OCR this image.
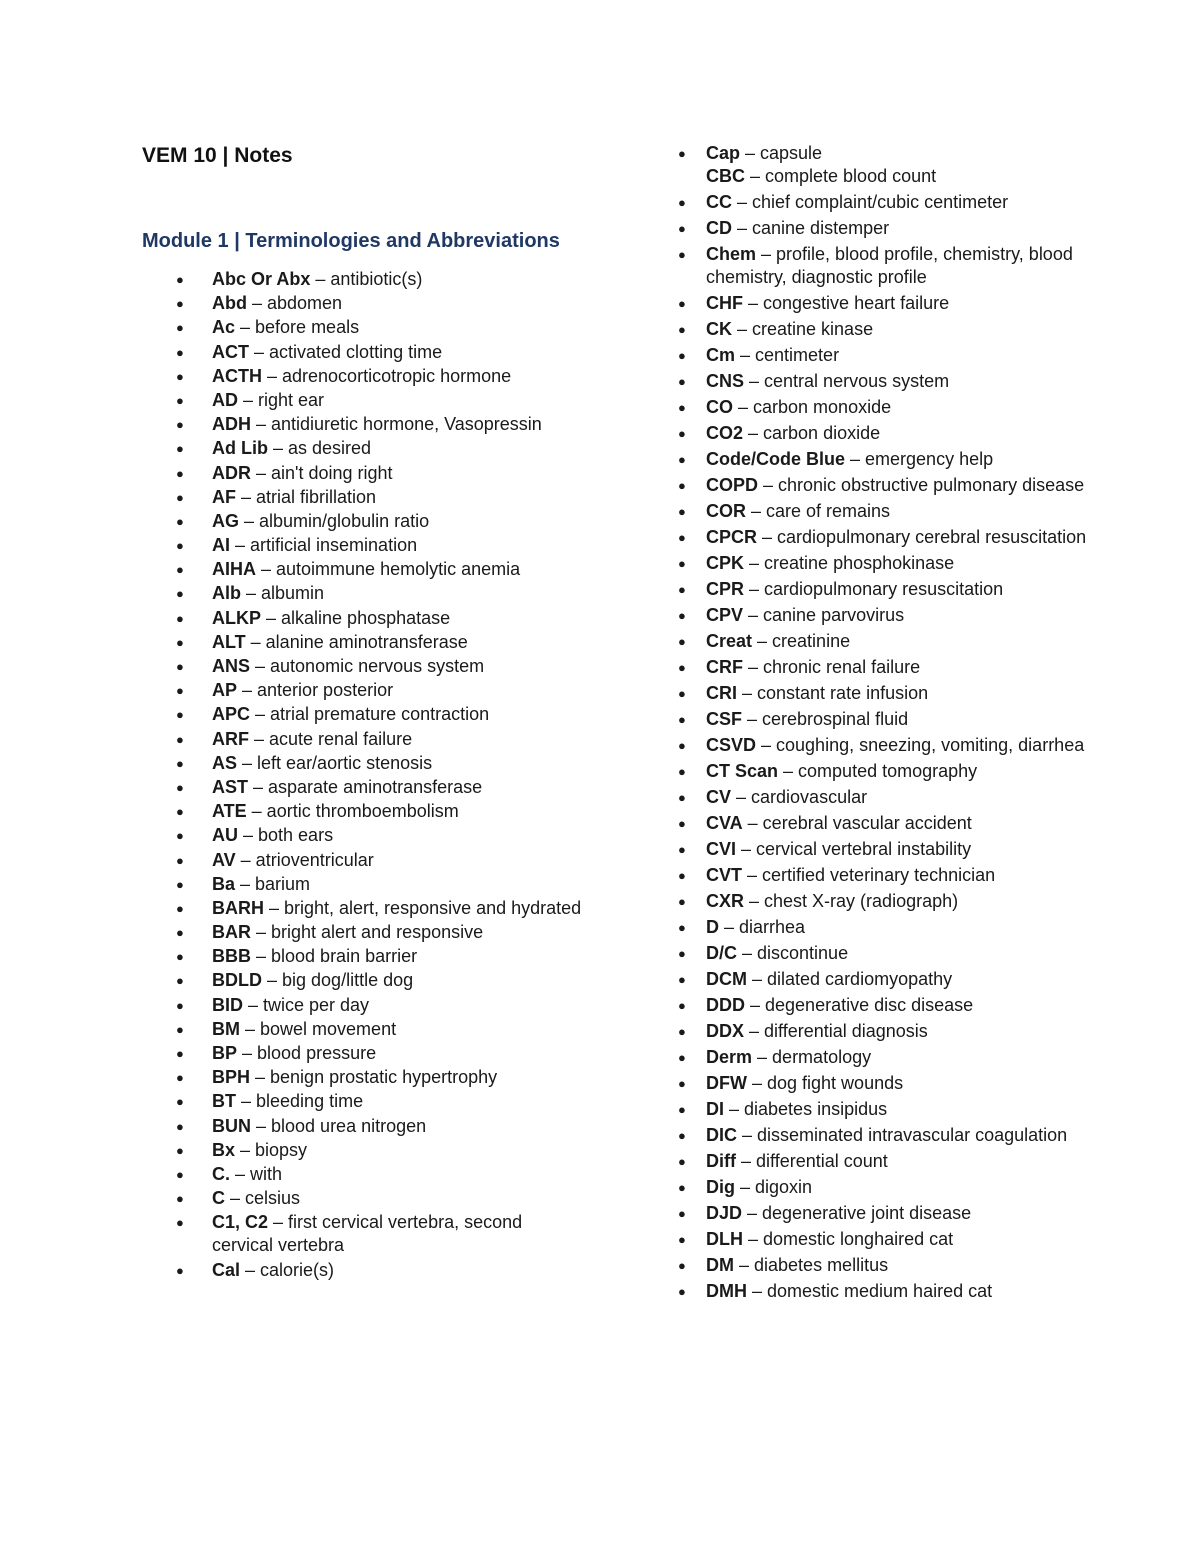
VEM 10 | Notes
Module 1 | Terminologies and Abbreviations
● Abc Or Abx – antibiotic(s)
● Abd – abdomen
● Ac – before meals
● ACT – activated clotting time
● ACTH – adrenocorticotropic hormone
● AD – right ear
● ADH – antidiuretic hormone, Vasopressin
● Ad Lib – as desired
● ADR – ain't doing right
● AF – atrial fibrillation
● AG – albumin/globulin ratio
● AI – artificial insemination
● AIHA – autoimmune hemolytic anemia
● Alb – albumin
● ALKP – alkaline phosphatase
● ALT – alanine aminotransferase
● ANS – autonomic nervous system
● AP – anterior posterior
● APC – atrial premature contraction
● ARF – acute renal failure
● AS – left ear/aortic stenosis
● AST – asparate aminotransferase
● ATE – aortic thromboembolism
● AU – both ears
● AV – atrioventricular
● Ba – barium
● BARH – bright, alert, responsive and hydrated
● BAR – bright alert and responsive
● BBB – blood brain barrier
● BDLD – big dog/little dog
● BID – twice per day
● BM – bowel movement
● BP – blood pressure
● BPH – benign prostatic hypertrophy
● BT – bleeding time
● BUN – blood urea nitrogen
● Bx – biopsy
● C. – with
● C – celsius
● C1, C2 – first cervical vertebra, second cervical vertebra
● Cal – calorie(s)
● Cap – capsule
CBC – complete blood count
● CC – chief complaint/cubic centimeter
● CD – canine distemper
● Chem – profile, blood profile, chemistry, blood chemistry, diagnostic profile
● CHF – congestive heart failure
● CK – creatine kinase
● Cm – centimeter
● CNS – central nervous system
● CO – carbon monoxide
● CO2 – carbon dioxide
● Code/Code Blue – emergency help
● COPD – chronic obstructive pulmonary disease
● COR – care of remains
● CPCR – cardiopulmonary cerebral resuscitation
● CPK – creatine phosphokinase
● CPR – cardiopulmonary resuscitation
● CPV – canine parvovirus
● Creat – creatinine
● CRF – chronic renal failure
● CRI – constant rate infusion
● CSF – cerebrospinal fluid
● CSVD – coughing, sneezing, vomiting, diarrhea
● CT Scan – computed tomography
● CV – cardiovascular
● CVA – cerebral vascular accident
● CVI – cervical vertebral instability
● CVT – certified veterinary technician
● CXR – chest X-ray (radiograph)
● D – diarrhea
● D/C – discontinue
● DCM – dilated cardiomyopathy
● DDD – degenerative disc disease
● DDX – differential diagnosis
● Derm – dermatology
● DFW – dog fight wounds
● DI – diabetes insipidus
● DIC – disseminated intravascular coagulation
● Diff – differential count
● Dig – digoxin
● DJD – degenerative joint disease
● DLH – domestic longhaired cat
● DM – diabetes mellitus
● DMH – domestic medium haired cat
